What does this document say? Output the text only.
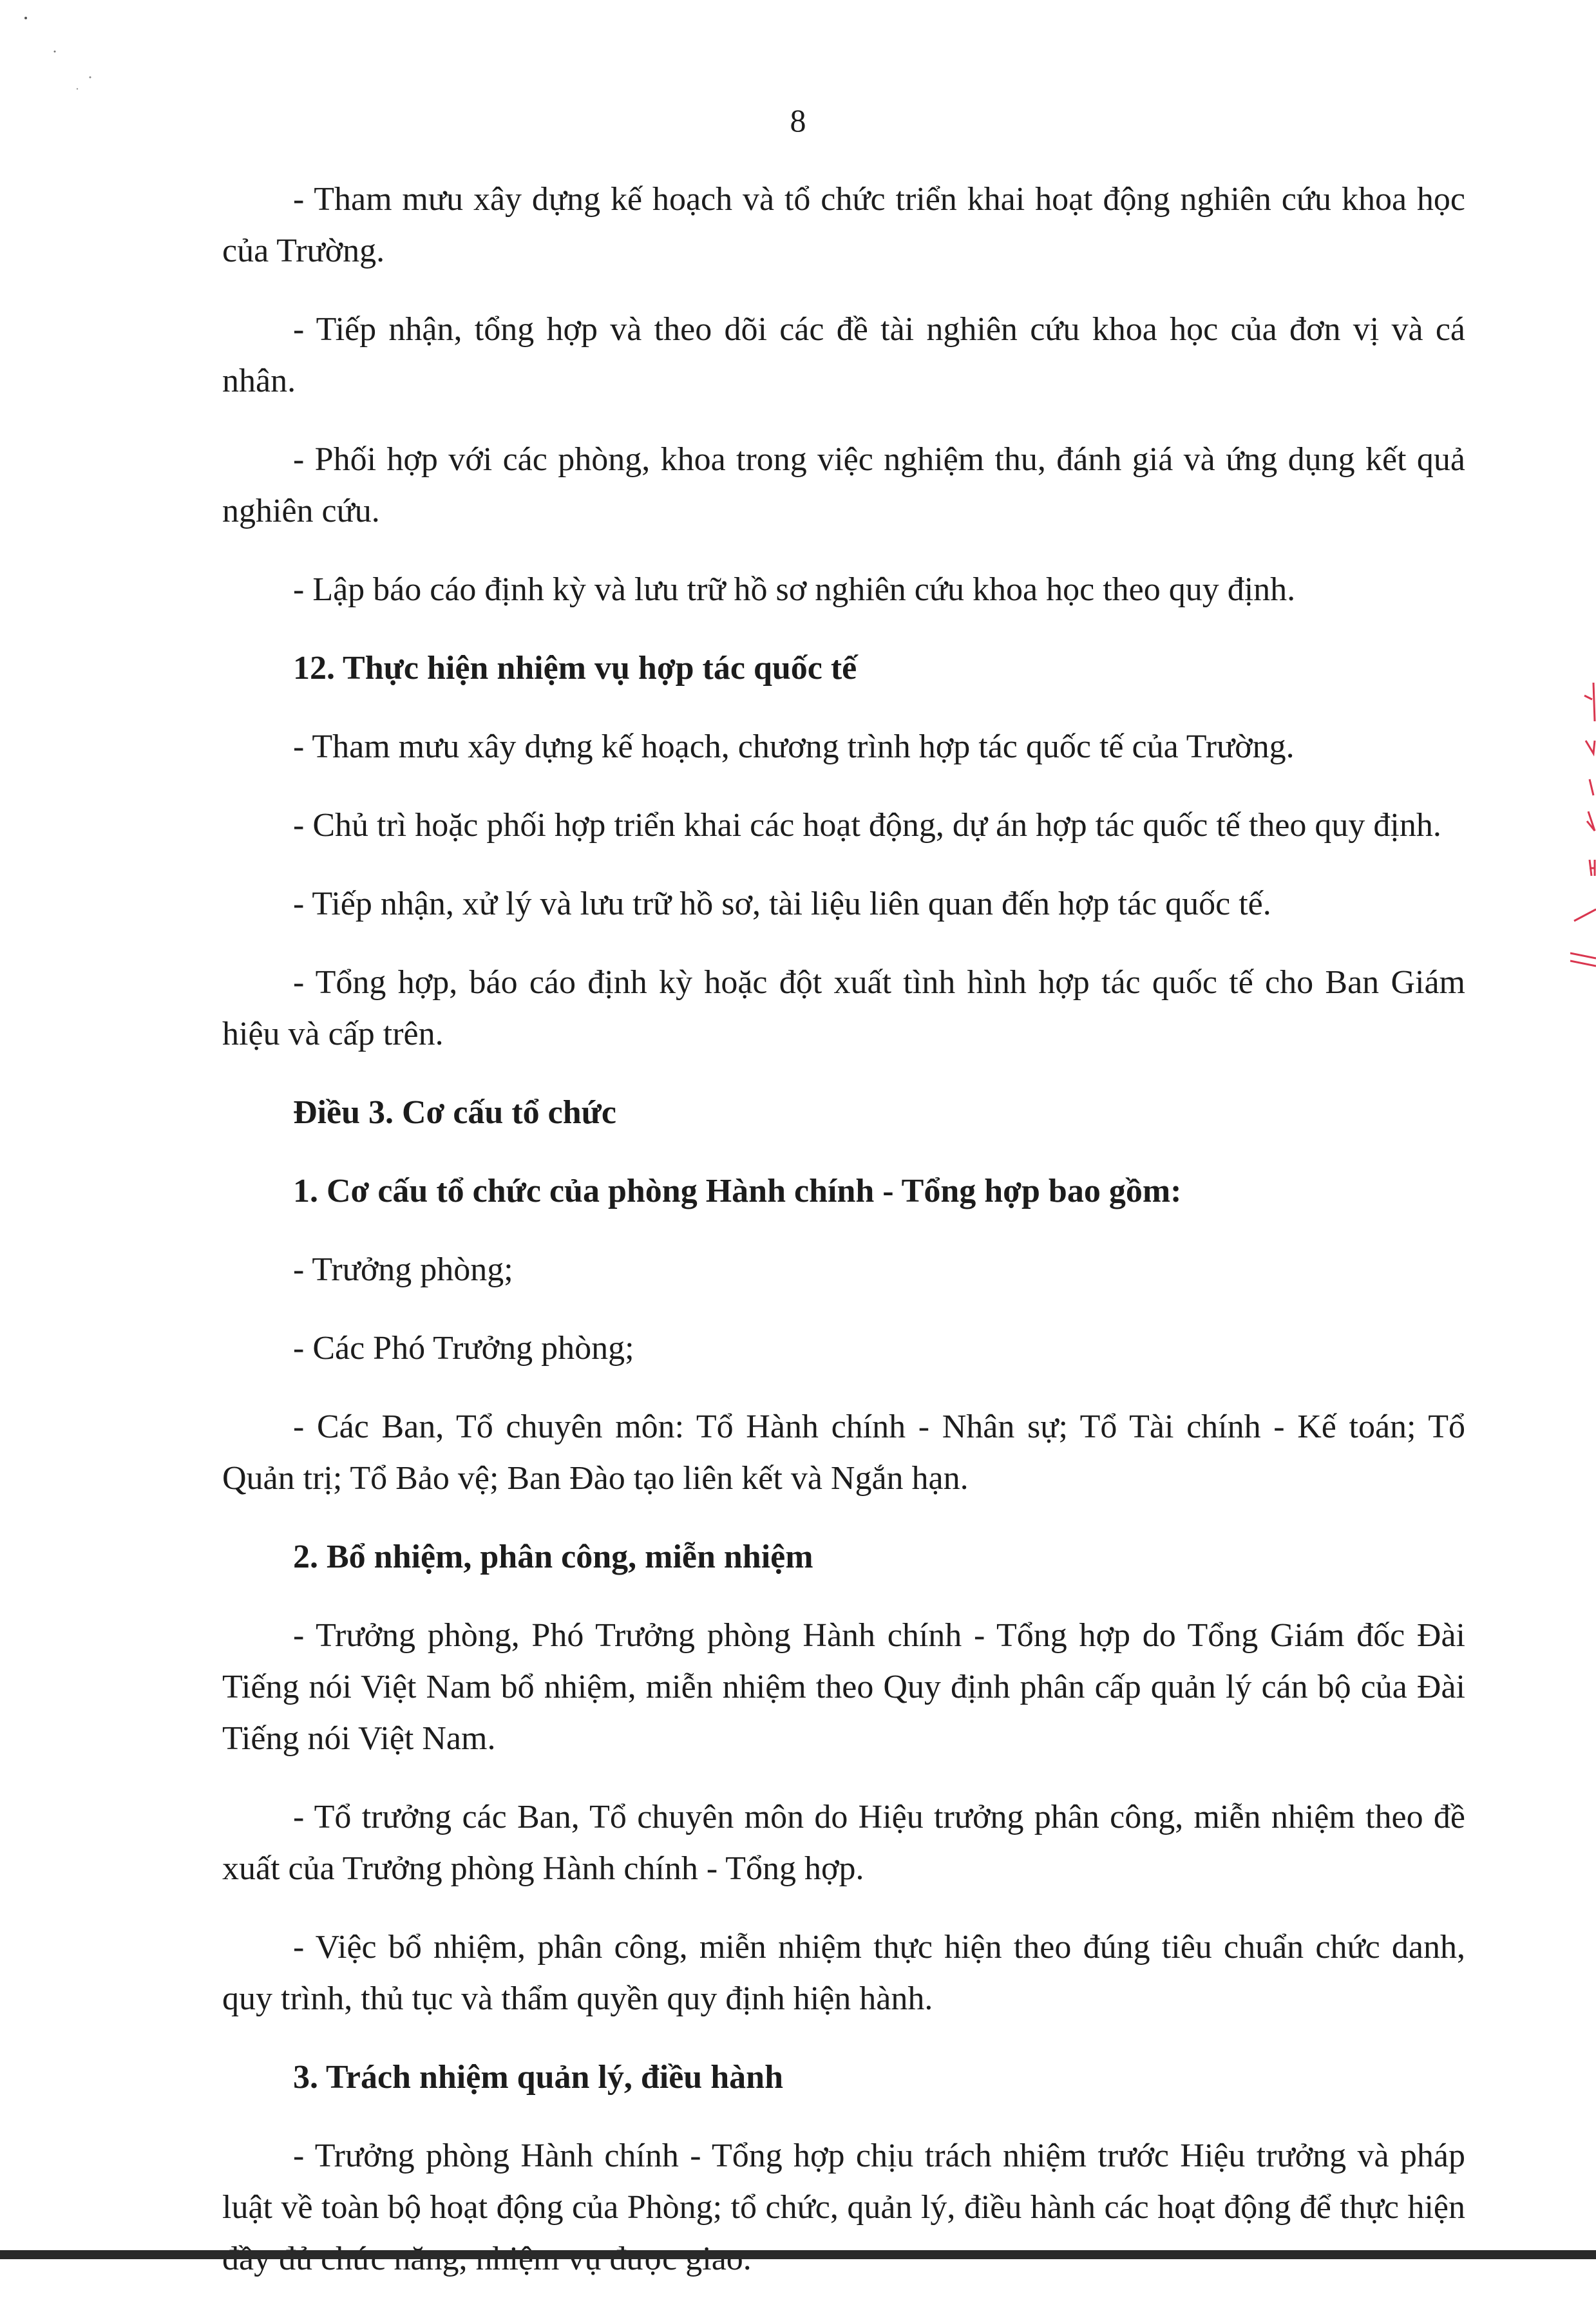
8
- Tham mưu xây dựng kế hoạch và tổ chức triển khai hoạt động nghiên cứu khoa học của Trường.
- Tiếp nhận, tổng hợp và theo dõi các đề tài nghiên cứu khoa học của đơn vị và cá nhân.
- Phối hợp với các phòng, khoa trong việc nghiệm thu, đánh giá và ứng dụng kết quả nghiên cứu.
- Lập báo cáo định kỳ và lưu trữ hồ sơ nghiên cứu khoa học theo quy định.
12. Thực hiện nhiệm vụ hợp tác quốc tế
- Tham mưu xây dựng kế hoạch, chương trình hợp tác quốc tế của Trường.
- Chủ trì hoặc phối hợp triển khai các hoạt động, dự án hợp tác quốc tế theo quy định.
- Tiếp nhận, xử lý và lưu trữ hồ sơ, tài liệu liên quan đến hợp tác quốc tế.
- Tổng hợp, báo cáo định kỳ hoặc đột xuất tình hình hợp tác quốc tế cho Ban Giám hiệu và cấp trên.
Điều 3. Cơ cấu tổ chức
1. Cơ cấu tổ chức của phòng Hành chính - Tổng hợp bao gồm:
- Trưởng phòng;
- Các Phó Trưởng phòng;
- Các Ban, Tổ chuyên môn: Tổ Hành chính - Nhân sự; Tổ Tài chính - Kế toán; Tổ Quản trị; Tổ Bảo vệ; Ban Đào tạo liên kết và Ngắn hạn.
2. Bổ nhiệm, phân công, miễn nhiệm
- Trưởng phòng, Phó Trưởng phòng Hành chính - Tổng hợp do Tổng Giám đốc Đài Tiếng nói Việt Nam bổ nhiệm, miễn nhiệm theo Quy định phân cấp quản lý cán bộ của Đài Tiếng nói Việt Nam.
- Tổ trưởng các Ban, Tổ chuyên môn do Hiệu trưởng phân công, miễn nhiệm theo đề xuất của Trưởng phòng Hành chính - Tổng hợp.
- Việc bổ nhiệm, phân công, miễn nhiệm thực hiện theo đúng tiêu chuẩn chức danh, quy trình, thủ tục và thẩm quyền quy định hiện hành.
3. Trách nhiệm quản lý, điều hành
- Trưởng phòng Hành chính - Tổng hợp chịu trách nhiệm trước Hiệu trưởng và pháp luật về toàn bộ hoạt động của Phòng; tổ chức, quản lý, điều hành các hoạt động để thực hiện
